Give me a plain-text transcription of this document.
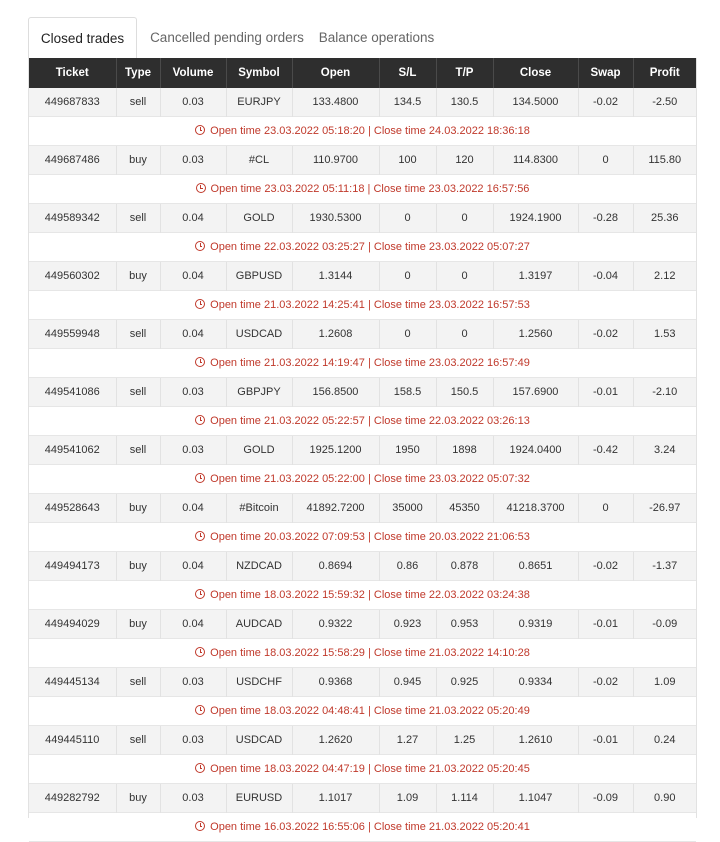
Closed trades	Cancelled pending orders	Balance operations
Ticket	Type	Volume	Symbol	Open	S/L	T/P	Close	Swap	Profit
449687833	sell	0.03	EURJPY	133.4800	134.5	130.5	134.5000	-0.02	-2.50
Open time 23.03.2022 05:18:20 | Close time 24.03.2022 18:36:18									
449687486	buy	0.03	#CL	110.9700	100	120	114.8300	0	115.80
Open time 23.03.2022 05:11:18 | Close time 23.03.2022 16:57:56									
449589342	sell	0.04	GOLD	1930.5300	0	0	1924.1900	-0.28	25.36
Open time 22.03.2022 03:25:27 | Close time 23.03.2022 05:07:27									
449560302	buy	0.04	GBPUSD	1.3144	0	0	1.3197	-0.04	2.12
Open time 21.03.2022 14:25:41 | Close time 23.03.2022 16:57:53									
449559948	sell	0.04	USDCAD	1.2608	0	0	1.2560	-0.02	1.53
Open time 21.03.2022 14:19:47 | Close time 23.03.2022 16:57:49									
449541086	sell	0.03	GBPJPY	156.8500	158.5	150.5	157.6900	-0.01	-2.10
Open time 21.03.2022 05:22:57 | Close time 22.03.2022 03:26:13									
449541062	sell	0.03	GOLD	1925.1200	1950	1898	1924.0400	-0.42	3.24
Open time 21.03.2022 05:22:00 | Close time 23.03.2022 05:07:32									
449528643	buy	0.04	#Bitcoin	41892.7200	35000	45350	41218.3700	0	-26.97
Open time 20.03.2022 07:09:53 | Close time 20.03.2022 21:06:53									
449494173	buy	0.04	NZDCAD	0.8694	0.86	0.878	0.8651	-0.02	-1.37
Open time 18.03.2022 15:59:32 | Close time 22.03.2022 03:24:38									
449494029	buy	0.04	AUDCAD	0.9322	0.923	0.953	0.9319	-0.01	-0.09
Open time 18.03.2022 15:58:29 | Close time 21.03.2022 14:10:28									
449445134	sell	0.03	USDCHF	0.9368	0.945	0.925	0.9334	-0.02	1.09
Open time 18.03.2022 04:48:41 | Close time 21.03.2022 05:20:49									
449445110	sell	0.03	USDCAD	1.2620	1.27	1.25	1.2610	-0.01	0.24
Open time 18.03.2022 04:47:19 | Close time 21.03.2022 05:20:45									
449282792	buy	0.03	EURUSD	1.1017	1.09	1.114	1.1047	-0.09	0.90
Open time 16.03.2022 16:55:06 | Close time 21.03.2022 05:20:41									
